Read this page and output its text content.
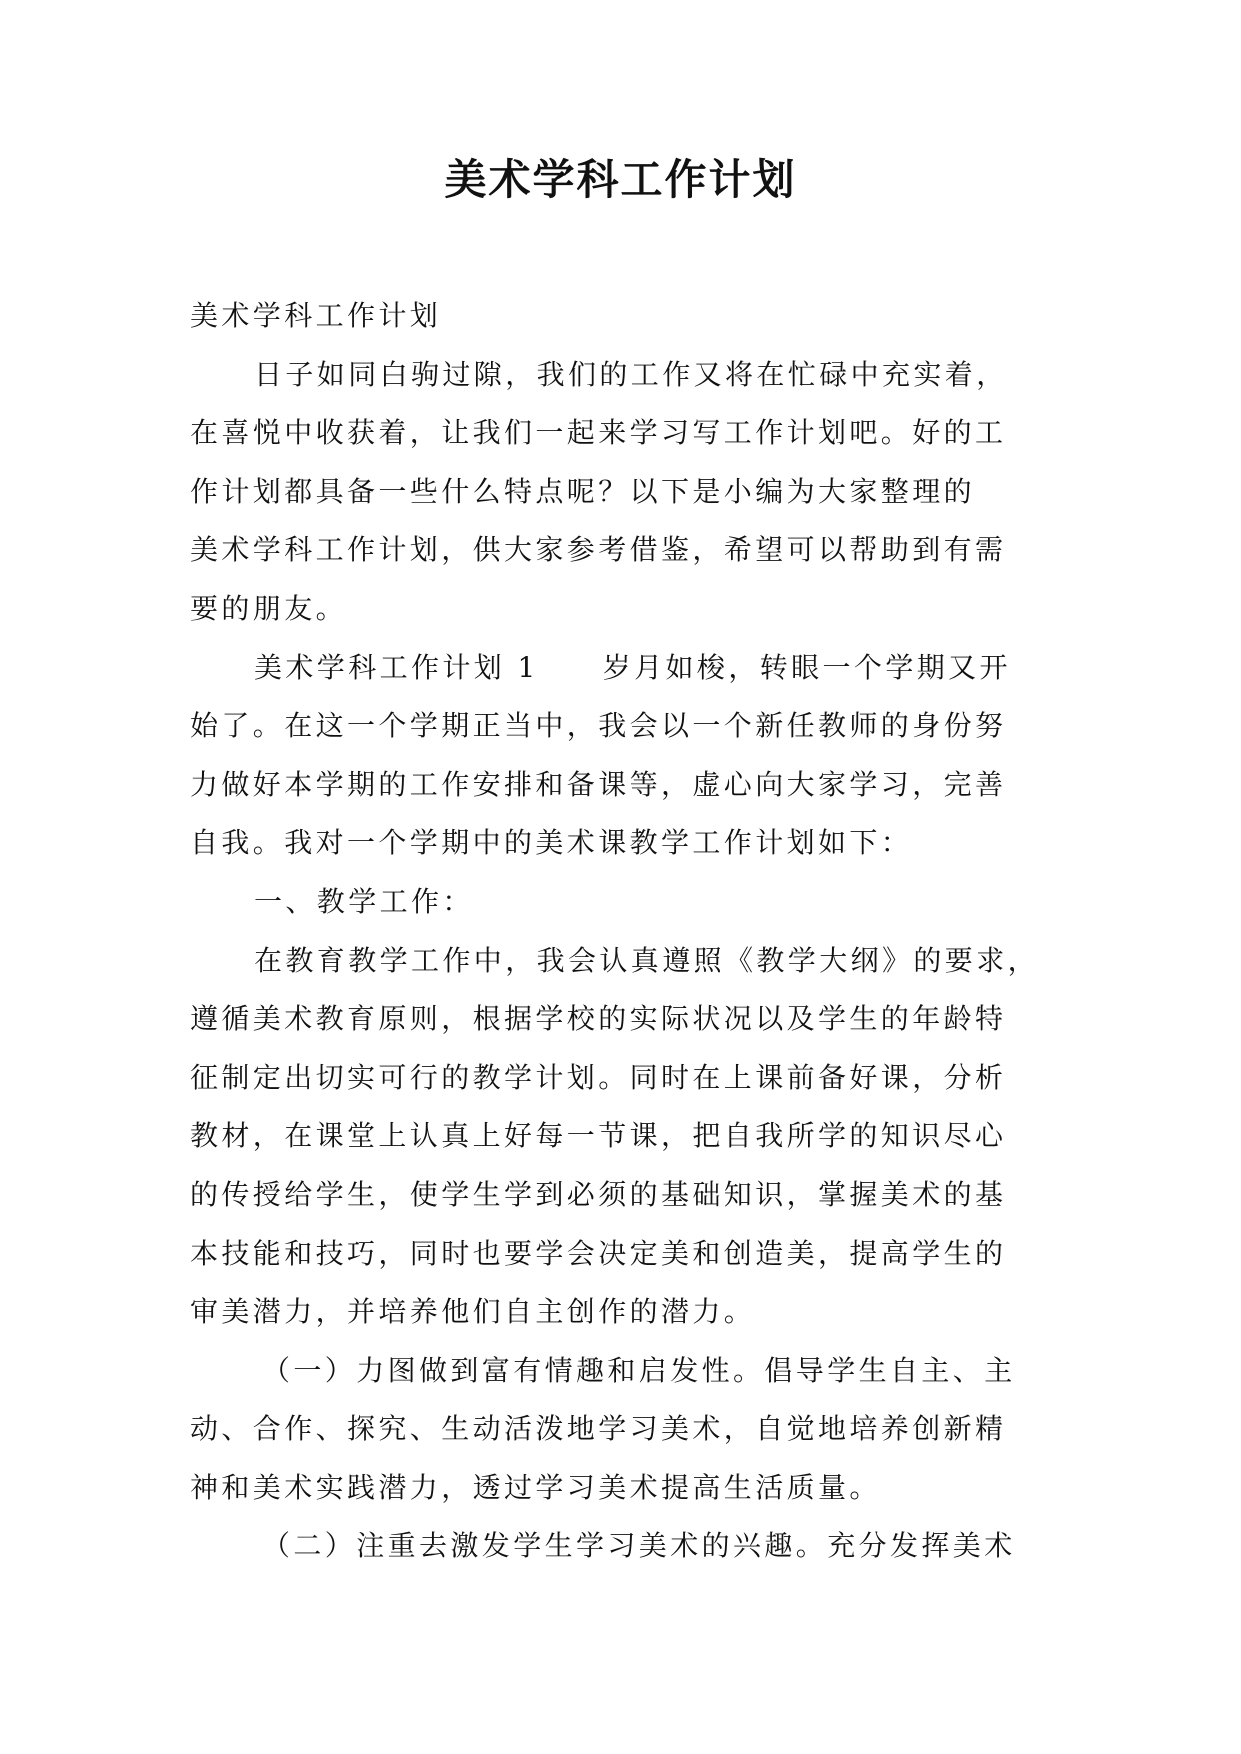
美术学科工作计划
美术学科工作计划
日子如同白驹过隙，我们的工作又将在忙碌中充实着，
在喜悦中收获着，让我们一起来学习写工作计划吧。好的工
作计划都具备一些什么特点呢？以下是小编为大家整理的
美术学科工作计划，供大家参考借鉴，希望可以帮助到有需
要的朋友。
美术学科工作计划 1 岁月如梭，转眼一个学期又开
始了。在这一个学期正当中，我会以一个新任教师的身份努
力做好本学期的工作安排和备课等，虚心向大家学习，完善
自我。我对一个学期中的美术课教学工作计划如下：
一、教学工作：
在教育教学工作中，我会认真遵照《教学大纲》的要求，
遵循美术教育原则，根据学校的实际状况以及学生的年龄特
征制定出切实可行的教学计划。同时在上课前备好课，分析
教材，在课堂上认真上好每一节课，把自我所学的知识尽心
的传授给学生，使学生学到必须的基础知识，掌握美术的基
本技能和技巧，同时也要学会决定美和创造美，提高学生的
审美潜力，并培养他们自主创作的潜力。
（一）力图做到富有情趣和启发性。倡导学生自主、主
动、合作、探究、生动活泼地学习美术，自觉地培养创新精
神和美术实践潜力，透过学习美术提高生活质量。
（二）注重去激发学生学习美术的兴趣。充分发挥美术
